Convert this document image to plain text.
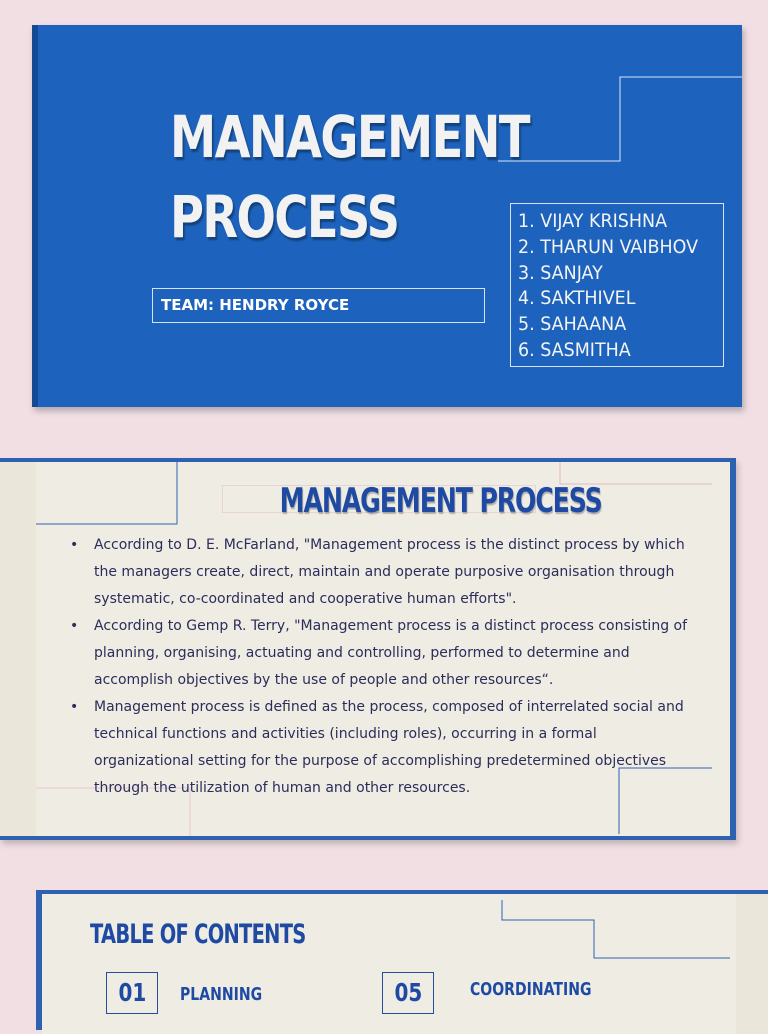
MANAGEMENT
PROCESS
TEAM: HENDRY ROYCE
1. VIJAY KRISHNA
2. THARUN VAIBHOV
3. SANJAY
4. SAKTHIVEL
5. SAHAANA
6. SASMITHA
MANAGEMENT PROCESS
• According to D. E. McFarland, "Management process is the distinct process by which the managers create, direct, maintain and operate purposive organisation through systematic, co-coordinated and cooperative human efforts".
• According to Gemp R. Terry, "Management process is a distinct process consisting of planning, organising, actuating and controlling, performed to determine and accomplish objectives by the use of people and other resources“.
• Management process is defined as the process, composed of interrelated social and technical functions and activities (including roles), occurring in a formal organizational setting for the purpose of accomplishing predetermined objectives through the utilization of human and other resources.
TABLE OF CONTENTS
01	PLANNING	05	COORDINATING
